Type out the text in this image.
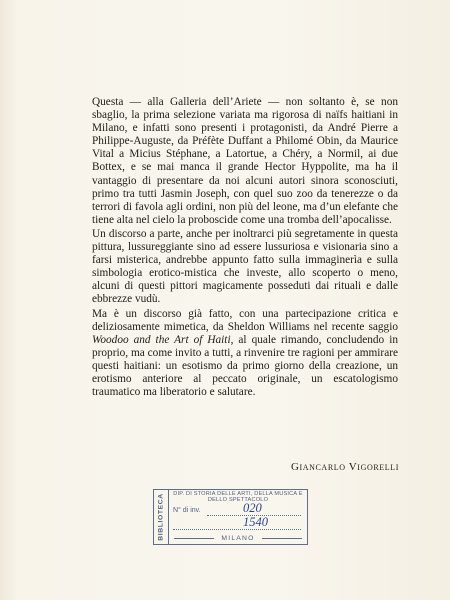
Questa — alla Galleria dell’Ariete — non soltanto è, se non sbaglio, la prima selezione variata ma rigorosa di naïfs haitiani in Milano, e infatti sono presenti i protagonisti, da André Pierre a Philippe-Auguste, da Préfète Duffant a Philomé Obin, da Maurice Vital a Micius Stéphane, a Latortue, a Chéry, a Normil, ai due Bottex, e se mai manca il grande Hector Hyppolite, ma ha il vantaggio di presentare da noi alcuni autori sinora sconosciuti, primo tra tutti Jasmin Joseph, con quel suo zoo da tenerezze o da terrori di favola agli ordini, non più del leone, ma d’un elefante che tiene alta nel cielo la proboscide come una tromba dell’apocalisse.

Un discorso a parte, anche per inoltrarci più segretamente in questa pittura, lussureggiante sino ad essere lussuriosa e visionaria sino a farsi misterica, andrebbe appunto fatto sulla immaginerìa e sulla simbologia erotico-mistica che investe, allo scoperto o meno, alcuni di questi pittori magicamente posseduti dai rituali e dalle ebbrezze vudù.

Ma è un discorso già fatto, con una partecipazione critica e deliziosamente mimetica, da Sheldon Williams nel recente saggio Woodoo and the Art of Haiti, al quale rimando, concludendo in proprio, ma come invito a tutti, a rinvenire tre ragioni per ammirare questi haitiani: un esotismo da primo giorno della creazione, un erotismo anteriore al peccato originale, un escatologismo traumatico ma liberatorio e salutare.

Giancarlo Vigorelli
BIBLIOTECA	DIP. DI STORIA DELLE ARTI, DELLA MUSICA E DELLO SPETTACOLO
N° di inv.	020
1540
MILANO
